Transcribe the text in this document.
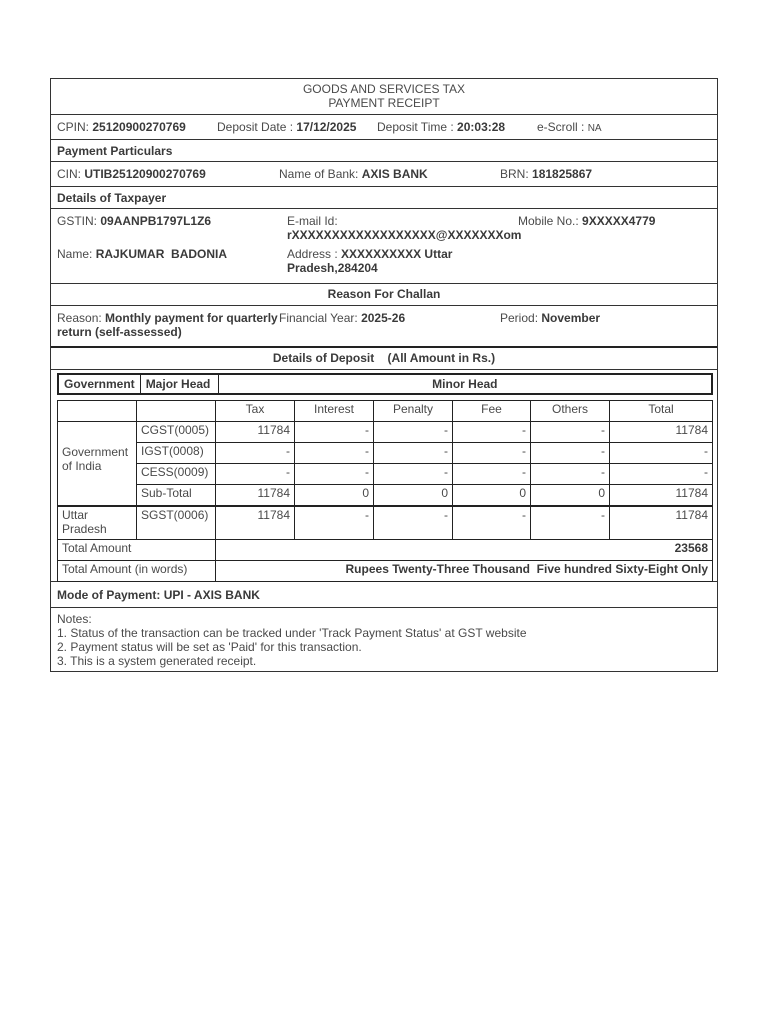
GOODS AND SERVICES TAX
PAYMENT RECEIPT
CPIN: 25120900270769	Deposit Date : 17/12/2025 Deposit Time : 20:03:28	e-Scroll : NA
Payment Particulars
CIN: UTIB25120900270769	Name of Bank: AXIS BANK	BRN: 181825867
Details of Taxpayer
GSTIN: 09AANPB1797L1Z6	E-mail Id:
rXXXXXXXXXXXXXXXXXX@XXXXXXXom
Mobile No.: 9XXXXX4779
Name: RAJKUMAR  BADONIA	Address : XXXXXXXXXX Uttar
Pradesh,284204
Reason For Challan
Reason: Monthly payment for quarterly
return (self-assessed)
Financial Year: 2025-26	Period: November
Details of Deposit    (All Amount in Rs.)
Government	Major Head	Minor Head
		Tax	Interest	Penalty	Fee	Others	Total
Government of India	CGST(0005)	11784	-	-	-	-	11784
	IGST(0008)	-	-	-	-	-	-
	CESS(0009)	-	-	-	-	-	-
	Sub-Total	11784	0	0	0	0	11784
Uttar Pradesh	SGST(0006)	11784	-	-	-	-	11784
Total Amount		23568					
Total Amount (in words)		Rupees Twenty-Three Thousand  Five hundred Sixty-Eight Only					
Mode of Payment: UPI - AXIS BANK
Notes:
1. Status of the transaction can be tracked under 'Track Payment Status' at GST website
2. Payment status will be set as 'Paid' for this transaction.
3. This is a system generated receipt.
